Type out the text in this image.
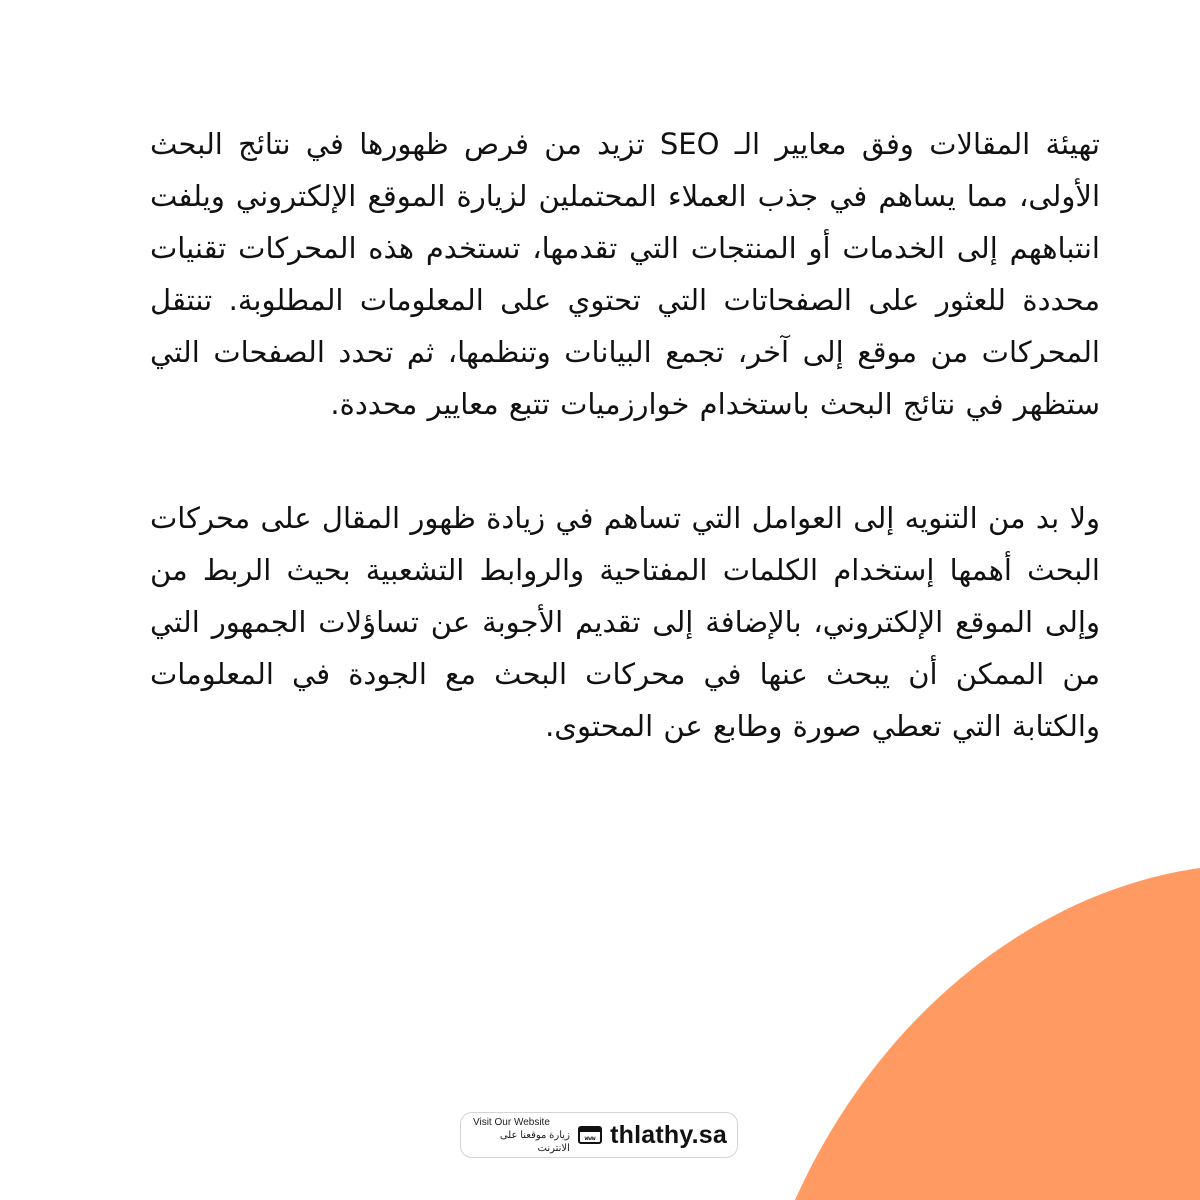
تهيئة المقالات وفق معايير الـ SEO تزيد من فرص ظهورها في نتائج البحث الأولى، مما يساهم في جذب العملاء المحتملين لزيارة الموقع الإلكتروني ويلفت انتباههم إلى الخدمات أو المنتجات التي تقدمها، تستخدم هذه المحركات تقنيات محددة للعثور على الصفحاتات التي تحتوي على المعلومات المطلوبة. تنتقل المحركات من موقع إلى آخر، تجمع البيانات وتنظمها، ثم تحدد الصفحات التي ستظهر في نتائج البحث باستخدام خوارزميات تتبع معايير محددة.

ولا بد من التنويه إلى العوامل التي تساهم في زيادة ظهور المقال على محركات البحث أهمها إستخدام الكلمات المفتاحية والروابط التشعبية بحيث الربط من وإلى الموقع الإلكتروني، بالإضافة إلى تقديم الأجوبة عن تساؤلات الجمهور التي من الممكن أن يبحث عنها في محركات البحث مع الجودة في المعلومات والكتابة التي تعطي صورة وطابع عن المحتوى.

Visit Our Website
زيارة موقعنا على الانترنت
www thlathy.sa
